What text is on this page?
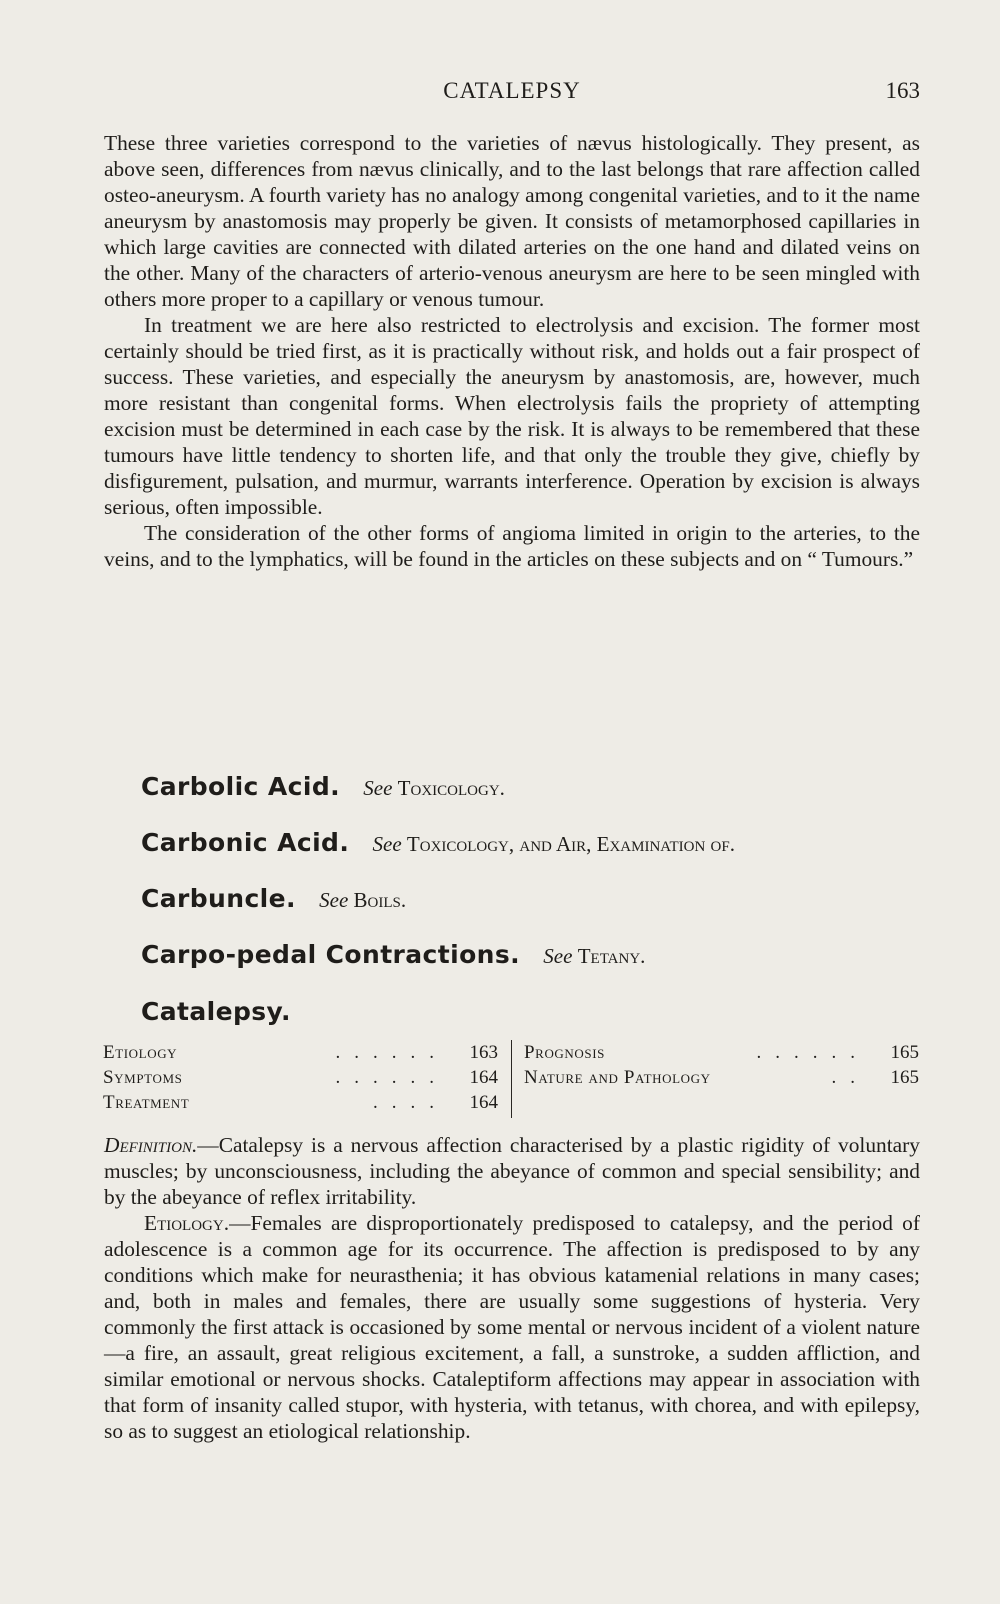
CATALEPSY	163

These three varieties correspond to the varieties of nævus histologically. They present, as above seen, differences from nævus clinically, and to the last belongs that rare affection called osteo-aneurysm. A fourth variety has no analogy among congenital varieties, and to it the name aneurysm by anastomosis may properly be given. It consists of metamorphosed capillaries in which large cavities are connected with dilated arteries on the one hand and dilated veins on the other. Many of the characters of arterio-venous aneurysm are here to be seen mingled with others more proper to a capillary or venous tumour.

In treatment we are here also restricted to electrolysis and excision. The former most certainly should be tried first, as it is practically without risk, and holds out a fair prospect of success. These varieties, and especially the aneurysm by anastomosis, are, however, much more resistant than congenital forms. When electrolysis fails the propriety of attempting excision must be determined in each case by the risk. It is always to be remembered that these tumours have little tendency to shorten life, and that only the trouble they give, chiefly by disfigurement, pulsation, and murmur, warrants interference. Operation by excision is always serious, often impossible.

The consideration of the other forms of angioma limited in origin to the arteries, to the veins, and to the lymphatics, will be found in the articles on these subjects and on “ Tumours.”

Carbolic Acid. See Toxicology.
Carbonic Acid. See Toxicology, and Air, Examination of.
Carbuncle. See Boils.
Carpo-pedal Contractions. See Tetany.
Catalepsy.
Etiology	......	163
Symptoms	......	164
Treatment	....	164
Prognosis	......	165
Nature and Pathology	..	165

Definition.—Catalepsy is a nervous affection characterised by a plastic rigidity of voluntary muscles; by unconsciousness, including the abeyance of common and special sensibility; and by the abeyance of reflex irritability.

Etiology.—Females are disproportionately predisposed to catalepsy, and the period of adolescence is a common age for its occurrence. The affection is predisposed to by any conditions which make for neurasthenia; it has obvious katamenial relations in many cases; and, both in males and females, there are usually some suggestions of hysteria. Very commonly the first attack is occasioned by some mental or nervous incident of a violent nature—a fire, an assault, great religious excitement, a fall, a sunstroke, a sudden affliction, and similar emotional or nervous shocks. Cataleptiform affections may appear in association with that form of insanity called stupor, with hysteria, with tetanus, with chorea, and with epilepsy, so as to suggest an etiological relationship.
